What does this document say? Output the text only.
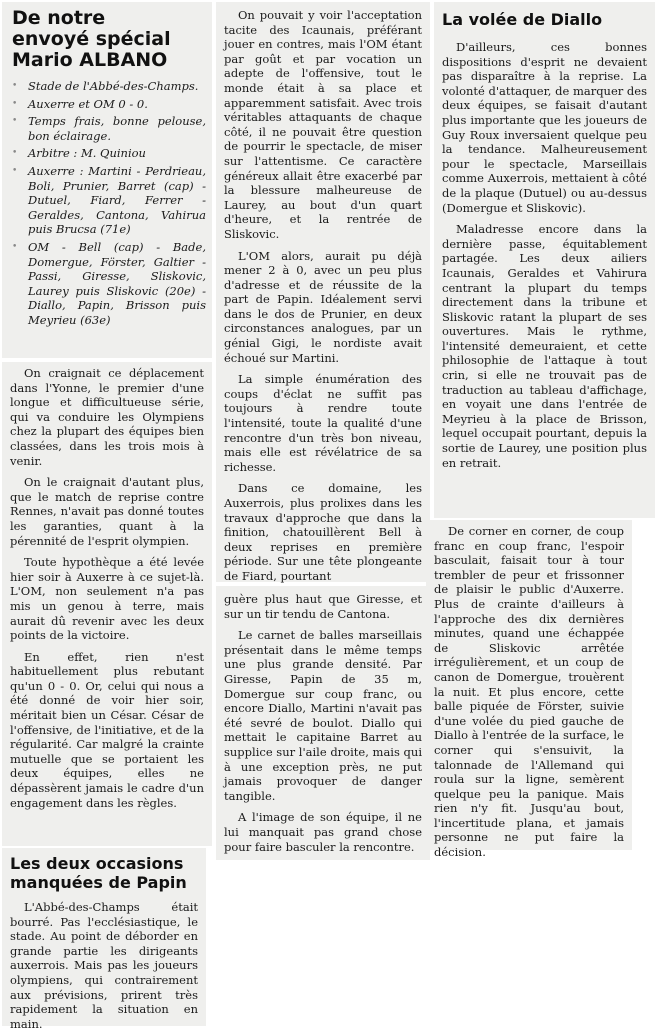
De notre
envoyé spécial
Mario ALBANO
• Stade de l'Abbé-des-Champs.

• Auxerre et OM 0 - 0.

• Temps frais, bonne pelouse, bon éclairage.

• Arbitre : M. Quiniou

• Auxerre : Martini - Perdrieau, Boli, Prunier, Barret (cap) - Dutuel, Fiard, Ferrer - Geraldes, Cantona, Vahirua puis Brucsa (71e)

• OM - Bell (cap) - Bade, Domergue, Förster, Galtier - Passi, Giresse, Sliskovic, Laurey puis Sliskovic (20e) - Diallo, Papin, Brisson puis Meyrieu (63e)

On craignait ce déplacement dans l'Yonne, le premier d'une longue et difficultueuse série, qui va conduire les Olympiens chez la plupart des équipes bien classées, dans les trois mois à venir.

On le craignait d'autant plus, que le match de reprise contre Rennes, n'avait pas donné toutes les garanties, quant à la pérennité de l'esprit olympien.

Toute hypothèque a été levée hier soir à Auxerre à ce sujet-là. L'OM, non seulement n'a pas mis un genou à terre, mais aurait dû revenir avec les deux points de la victoire.

En effet, rien n'est habituellement plus rebutant qu'un 0 - 0. Or, celui qui nous a été donné de voir hier soir, méritait bien un César. César de l'offensive, de l'initiative, et de la régularité. Car malgré la crainte mutuelle que se portaient les deux équipes, elles ne dépassèrent jamais le cadre d'un engagement dans les règles.

Les deux occasions
manquées de Papin

L'Abbé-des-Champs était bourré. Pas l'ecclésiastique, le stade. Au point de déborder en grande partie les dirigeants auxerrois. Mais pas les joueurs olympiens, qui contrairement aux prévisions, prirent très rapidement la situation en main.

On pouvait y voir l'acceptation tacite des Icaunais, préférant jouer en contres, mais l'OM étant par goût et par vocation un adepte de l'offensive, tout le monde était à sa place et apparemment satisfait. Avec trois véritables attaquants de chaque côté, il ne pouvait être question de pourrir le spectacle, de miser sur l'attentisme. Ce caractère généreux allait être exacerbé par la blessure malheureuse de Laurey, au bout d'un quart d'heure, et la rentrée de Sliskovic.

L'OM alors, aurait pu déjà mener 2 à 0, avec un peu plus d'adresse et de réussite de la part de Papin. Idéalement servi dans le dos de Prunier, en deux circonstances analogues, par un génial Gigi, le nordiste avait échoué sur Martini.

La simple énumération des coups d'éclat ne suffit pas toujours à rendre toute l'intensité, toute la qualité d'une rencontre d'un très bon niveau, mais elle est révélatrice de sa richesse.

Dans ce domaine, les Auxerrois, plus prolixes dans les travaux d'approche que dans la finition, chatouillèrent Bell à deux reprises en première période. Sur une tête plongeante de Fiard, pourtant

guère plus haut que Giresse, et sur un tir tendu de Cantona.

Le carnet de balles marseillais présentait dans le même temps une plus grande densité. Par Giresse, Papin de 35 m, Domergue sur coup franc, ou encore Diallo, Martini n'avait pas été sevré de boulot. Diallo qui mettait le capitaine Barret au supplice sur l'aile droite, mais qui à une exception près, ne put jamais provoquer de danger tangible.

A l'image de son équipe, il ne lui manquait pas grand chose pour faire basculer la rencontre.

La volée de Diallo

D'ailleurs, ces bonnes dispositions d'esprit ne devaient pas disparaître à la reprise. La volonté d'attaquer, de marquer des deux équipes, se faisait d'autant plus importante que les joueurs de Guy Roux inversaient quelque peu la tendance. Malheureusement pour le spectacle, Marseillais comme Auxerrois, mettaient à côté de la plaque (Dutuel) ou au-dessus (Domergue et Sliskovic).

Maladresse encore dans la dernière passe, équitablement partagée. Les deux ailiers Icaunais, Geraldes et Vahirura centrant la plupart du temps directement dans la tribune et Sliskovic ratant la plupart de ses ouvertures. Mais le rythme, l'intensité demeuraient, et cette philosophie de l'attaque à tout crin, si elle ne trouvait pas de traduction au tableau d'affichage, en voyait une dans l'entrée de Meyrieu à la place de Brisson, lequel occupait pourtant, depuis la sortie de Laurey, une position plus en retrait.

De corner en corner, de coup franc en coup franc, l'espoir basculait, faisait tour à tour trembler de peur et frissonner de plaisir le public d'Auxerre. Plus de crainte d'ailleurs à l'approche des dix dernières minutes, quand une échappée de Sliskovic arrêtée irrégulièrement, et un coup de canon de Domergue, trouèrent la nuit. Et plus encore, cette balle piquée de Förster, suivie d'une volée du pied gauche de Diallo à l'entrée de la surface, le corner qui s'ensuivit, la talonnade de l'Allemand qui roula sur la ligne, semèrent quelque peu la panique. Mais rien n'y fit. Jusqu'au bout, l'incertitude plana, et jamais personne ne put faire la décision.
